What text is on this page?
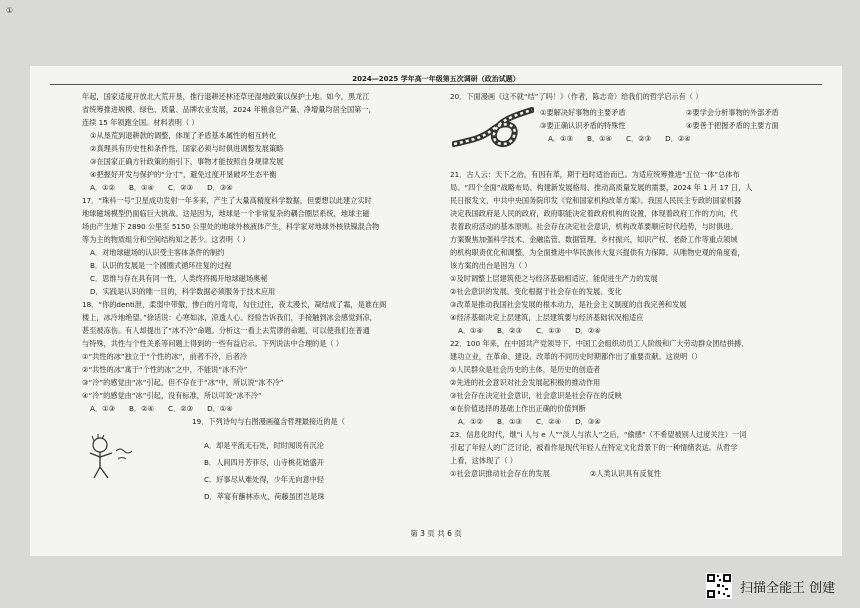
2024—2025 学年高一年级第五次调研（政治试题）

年起，国家适度开放北大荒开垦，推行退耕还林还草还湿地政策以保护土地。如今，黑龙江

省统筹推进规模、绿色、质量、品牌农业发展，2024 年粮食总产量、净增量均居全国第一，

连续 15 年领跑全国。材料表明（ ）

①从垦荒到退耕款的调整，体现了矛盾基本属性的相互转化

②真理具有历史性和条件性，国家必须与时俱进调整发展策略

③在国家正确方针政策的指引下，事物才能按照自身规律发展

④把握好开发与保护的“分寸”，避免过度开垦破坏生态平衡

A．①② B．①④ C．②③ D．③④

17．“珠科一号”卫星成功发射一年多来，产生了大量高精度科学数据，但要想以此建立实时

地球磁场模型仍面临巨大挑战。这是因为，地球是一个非常复杂的耦合圈层系统，地球主磁

场由产生地下 2890 公里至 5150 公里处的地球外核液体产生，科学家对地球外核铁镍混合物

等为主的物质组分和空间结构知之甚少。这表明（ ）

A．对地球磁场的认识受主客体条件的制约

B．认识的发展是一个圆圈式循环往复的过程

C．思维与存在具有同一性，人类终将揭开地球磁场奥秘

D．实践是认识的唯一目的，科学数据必须服务于技术应用

18．“你的denti泄，柔弱中带傲，惨白的月弯弯，勾住过往，夜太漫长，凝结成了霜，是谁在阁

楼上，冰冷地绝望。”徐话说：心寒如冰，凉透人心。经验告诉我们，手接触到冰会感觉到凉，

甚至被冻伤。有人却提出了“冰不冷”命题。分析这一看上去荒谬的命题，可以使我们在普通

与特殊，共性与个性关系等问题上得到的一些有益启示。下列说法中合理的是（ ）

①“共性的冰”独立于“个性的冰”，前者不冷，后者冷

②“共性的冰”寓于“个性的冰”之中，不能说“冰不冷”

③“冷”的感觉由“冰”引起，但不存在于“冰”中，所以说“冰不冷”

④“冷”的感觉由“冰”引起，没有标准，所以可说“冰不冷”

A．①③ B．②④ C．②③ D．①④

19．下列诗句与右图漫画蕴含哲理最接近的是（

A．却是平流无石处，时时闻说有沉沦

B．人间四月芳菲尽，山寺桃花始盛开

C．好事尽从难处得，少年无向意中轻

D．萃宴有蘸林赤火，荷藤虽团岂是珠

20．下面漫画《这不就“结”了吗！》（作者，陈志奇）给我们的哲学启示有（ ）

①要解决好事物的主要矛盾	②要学会分析事物的外部矛盾
③要正确认识矛盾的特殊性	④要善于把握矛盾的主要方面
A．①③ B．①④ C．②③ D．②④

21．古人云：天下之治，有因有革，期于趋时适治而已。为适应统筹推进“五位一体”总体布

局、“四个全面”战略布局、构建新发展格局、推动高质量发展的需要，2024 年 1 月 17 日，人

民日报发文，中共中央国务院印发《党和国家机构改革方案》。我国人民民主专政的国家机器

决定我国政府是人民的政府，政府职能决定着政府机构的设置，体现着政府工作的方向，代

表着政府活动的基本原则。社会存在决定社会意识，机构改革要顺应时代趋势，与时俱进。

方案聚焦加强科学技术、金融监管、数据管理、乡村振兴、知识产权、老龄工作等重点领域

的机构职责优化和调整，为全面推进中华民族伟大复兴提供有力保障。从唯物史观的角度看，

该方案的出台是因为（ ）

①及时调整上层建筑使之与经济基础相适应，能促进生产力的发展

②社会意识的发展、变化根据于社会存在的发展、变化

③改革是推动我国社会发展的根本动力，是社会主义制度的自我完善和发展

④经济基础决定上层建筑，上层建筑要与经济基础状况相适应

A．①④ B．②③ C．①③ D．②④

22．100 年来，在中国共产党领导下，中国工会组织动员工人阶级和广大劳动群众团结拼搏、

建功立业，在革命、建设、改革的不同历史时期都作出了重要贡献。这说明（）

①人民群众是社会历史的主体，是历史的创造者

②先进的社会意识对社会发展起积极的推动作用

③社会存在决定社会意识，社会意识是社会存在的反映

④在价值选择的基础上作出正确的价值判断

A．①② B．①③ C．②④ D．③④

23．信息化时代，继“i 人与 e 人”“淡人与浓人”之后，“偷感”（不希望被别人过度关注）一词

引起了年轻人的广泛讨论，被看作是现代年轻人在特定文化背景下的一种情绪表达。从哲学

上看，这体现了（ ）

①社会意识推动社会存在的发展	②人类认识具有反复性
第 3 页 共 6 页
①
扫描全能王 创建
